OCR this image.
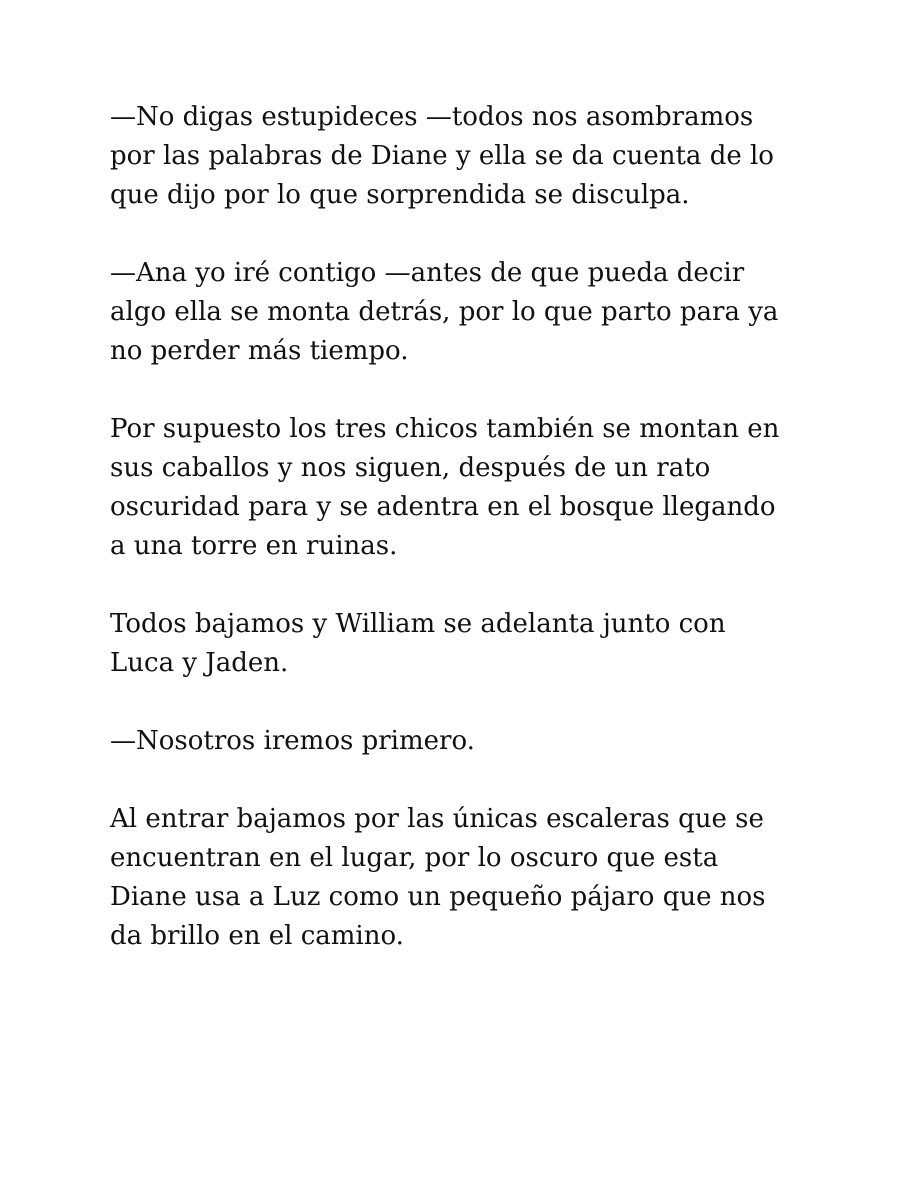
—No digas estupideces —todos nos asombramos
por las palabras de Diane y ella se da cuenta de lo
que dijo por lo que sorprendida se disculpa.

—Ana yo iré contigo —antes de que pueda decir
algo ella se monta detrás, por lo que parto para ya
no perder más tiempo.

Por supuesto los tres chicos también se montan en
sus caballos y nos siguen, después de un rato
oscuridad para y se adentra en el bosque llegando
a una torre en ruinas.

Todos bajamos y William se adelanta junto con
Luca y Jaden.

—Nosotros iremos primero.

Al entrar bajamos por las únicas escaleras que se
encuentran en el lugar, por lo oscuro que esta
Diane usa a Luz como un pequeño pájaro que nos
da brillo en el camino.
